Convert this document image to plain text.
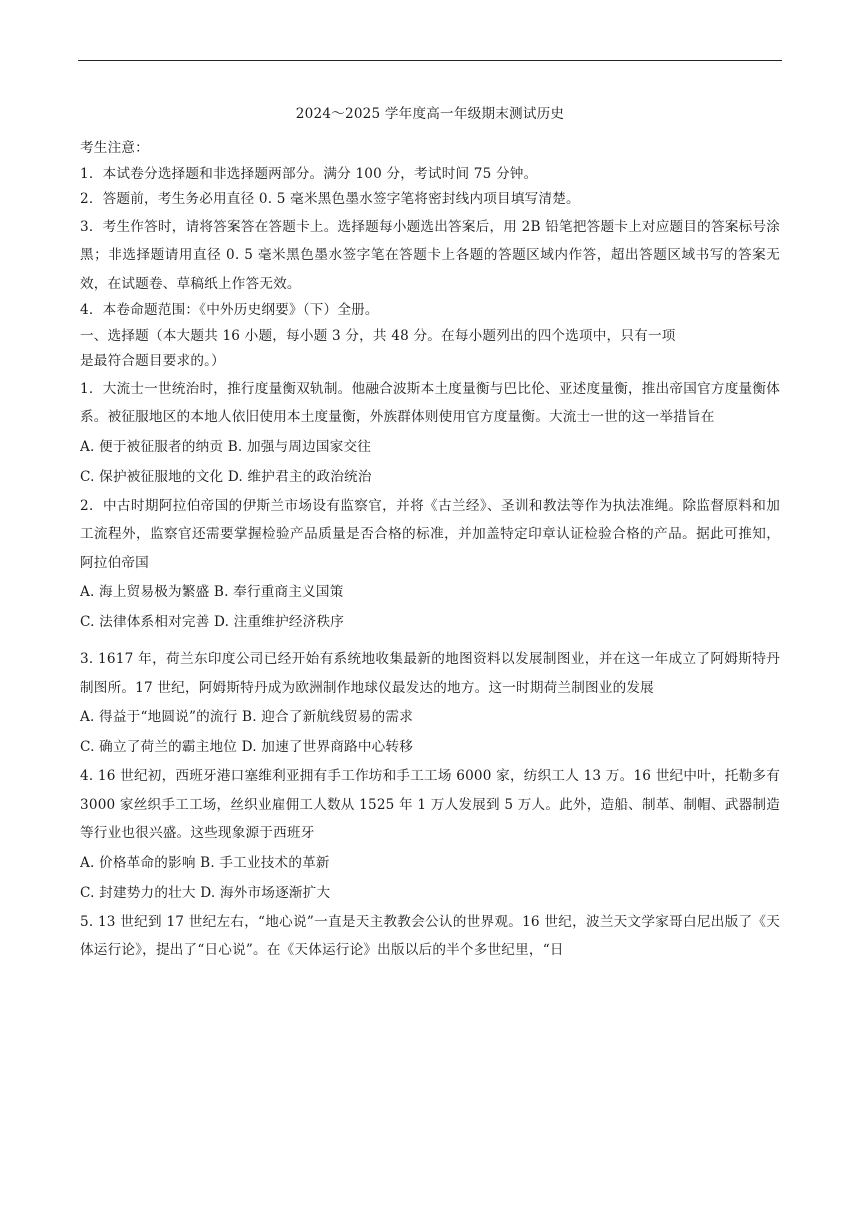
2024～2025 学年度高一年级期末测试历史
考生注意：
1．本试卷分选择题和非选择题两部分。满分 100 分，考试时间 75 分钟。
2．答题前，考生务必用直径 0. 5 毫米黑色墨水签字笔将密封线内项目填写清楚。
3．考生作答时，请将答案答在答题卡上。选择题每小题选出答案后，用 2B 铅笔把答题卡上对应题目的答案标号涂黑；非选择题请用直径 0. 5 毫米黑色墨水签字笔在答题卡上各题的答题区域内作答，超出答题区域书写的答案无效，在试题卷、草稿纸上作答无效。
4．本卷命题范围：《中外历史纲要》（下）全册。
一、选择题（本大题共 16 小题，每小题 3 分，共 48 分。在每小题列出的四个选项中，只有一项
是最符合题目要求的。）
1．大流士一世统治时，推行度量衡双轨制。他融合波斯本土度量衡与巴比伦、亚述度量衡，推出帝国官方度量衡体系。被征服地区的本地人依旧使用本土度量衡，外族群体则使用官方度量衡。大流士一世的这一举措旨在
A. 便于被征服者的纳贡 B. 加强与周边国家交往
C. 保护被征服地的文化 D. 维护君主的政治统治
2．中古时期阿拉伯帝国的伊斯兰市场设有监察官，并将《古兰经》、圣训和教法等作为执法准绳。除监督原料和加工流程外，监察官还需要掌握检验产品质量是否合格的标准，并加盖特定印章认证检验合格的产品。据此可推知，阿拉伯帝国
A. 海上贸易极为繁盛 B. 奉行重商主义国策
C. 法律体系相对完善 D. 注重维护经济秩序
3. 1617 年，荷兰东印度公司已经开始有系统地收集最新的地图资料以发展制图业，并在这一年成立了阿姆斯特丹制图所。17 世纪，阿姆斯特丹成为欧洲制作地球仪最发达的地方。这一时期荷兰制图业的发展
A. 得益于“地圆说”的流行 B. 迎合了新航线贸易的需求
C. 确立了荷兰的霸主地位 D. 加速了世界商路中心转移
4. 16 世纪初，西班牙港口塞维利亚拥有手工作坊和手工工场 6000 家，纺织工人 13 万。16 世纪中叶，托勒多有 3000 家丝织手工工场，丝织业雇佣工人数从 1525 年 1 万人发展到 5 万人。此外，造船、制革、制帽、武器制造等行业也很兴盛。这些现象源于西班牙
A. 价格革命的影响 B. 手工业技术的革新
C. 封建势力的壮大 D. 海外市场逐渐扩大
5. 13 世纪到 17 世纪左右，“地心说”一直是天主教教会公认的世界观。16 世纪，波兰天文学家哥白尼出版了《天体运行论》，提出了“日心说”。在《天体运行论》出版以后的半个多世纪里，“日
